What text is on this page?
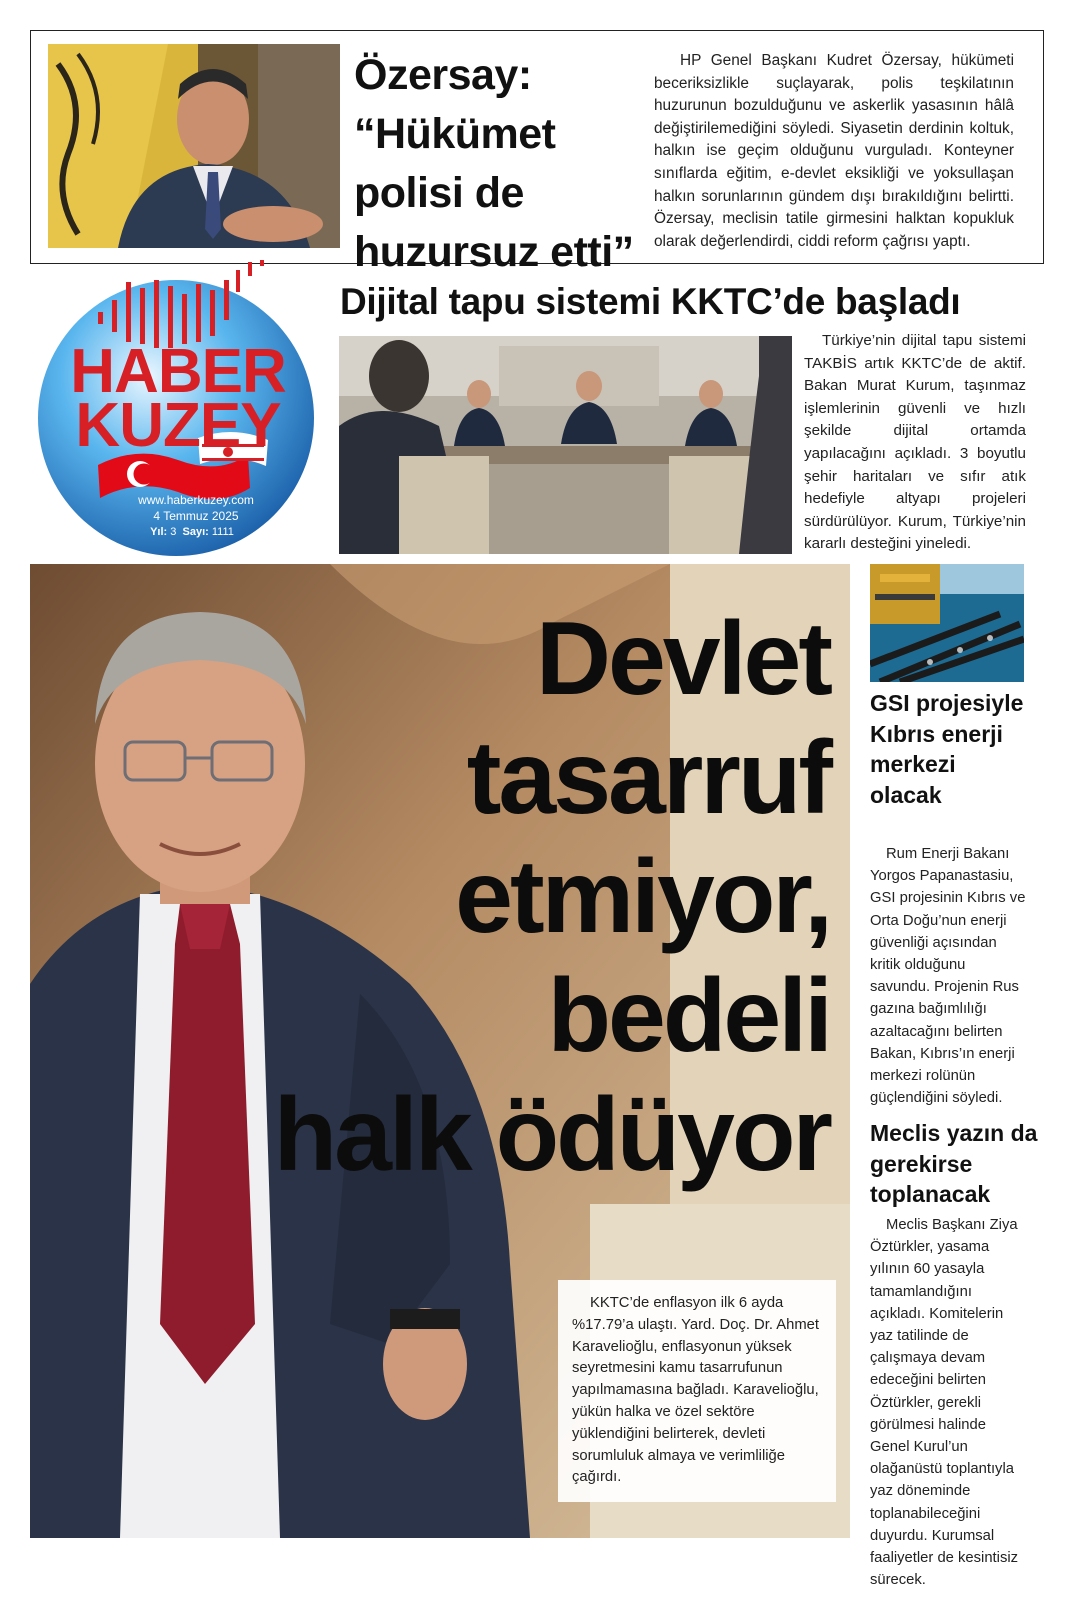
Özersay:
“Hükümet
polisi de
huzursuz etti”
HP Genel Başkanı Kudret Özersay, hükümeti beceriksizlikle suçlayarak, polis teşkilatının huzurunun bozulduğunu ve askerlik yasasının hâlâ değiştirilemediğini söyledi. Siyasetin derdinin koltuk, halkın ise geçim olduğunu vurguladı. Konteyner sınıflarda eğitim, e-devlet eksikliği ve yoksullaşan halkın sorunlarının gündem dışı bırakıldığını belirtti. Özersay, meclisin tatile girmesini halktan kopukluk olarak değerlendirdi, ciddi reform çağrısı yaptı.
HABER
KUZEY
www.haberkuzey.com
4 Temmuz 2025
Yıl: 3 Sayı: 1111
Dijital tapu sistemi KKTC’de başladı
Türkiye’nin dijital tapu sistemi TAKBİS artık KKTC’de de aktif. Bakan Murat Kurum, taşınmaz işlemlerinin güvenli ve hızlı şekilde dijital ortamda yapılacağını açıkladı. 3 boyutlu şehir haritaları ve sıfır atık hedefiyle altyapı projeleri sürdürülüyor. Kurum, Türkiye’nin kararlı desteğini yineledi.
Devlet
tasarruf
etmiyor,
bedeli
halk ödüyor
KKTC’de enflasyon ilk 6 ayda %17.79’a ulaştı. Yard. Doç. Dr. Ahmet Karavelioğlu, enflasyonun yüksek seyretmesini kamu tasarrufunun yapılmamasına bağladı. Karavelioğlu, yükün halka ve özel sektöre yüklendiğini belirterek, devleti sorumluluk almaya ve verimliliğe çağırdı.
GSI projesiyle Kıbrıs enerji merkezi olacak
Rum Enerji Bakanı Yorgos Papanastasiu, GSI projesinin Kıbrıs ve Orta Doğu’nun enerji güvenliği açısından kritik olduğunu savundu. Projenin Rus gazına bağımlılığı azaltacağını belirten Bakan, Kıbrıs’ın enerji merkezi rolünün güçlendiğini söyledi.
Meclis yazın da gerekirse toplanacak
Meclis Başkanı Ziya Öztürkler, yasama yılının 60 yasayla tamamlandığını açıkladı. Komitelerin yaz tatilinde de çalışmaya devam edeceğini belirten Öztürkler, gerekli görülmesi halinde Genel Kurul’un olağanüstü toplantıyla yaz döneminde toplanabileceğini duyurdu. Kurumsal faaliyetler de kesintisiz sürecek.
